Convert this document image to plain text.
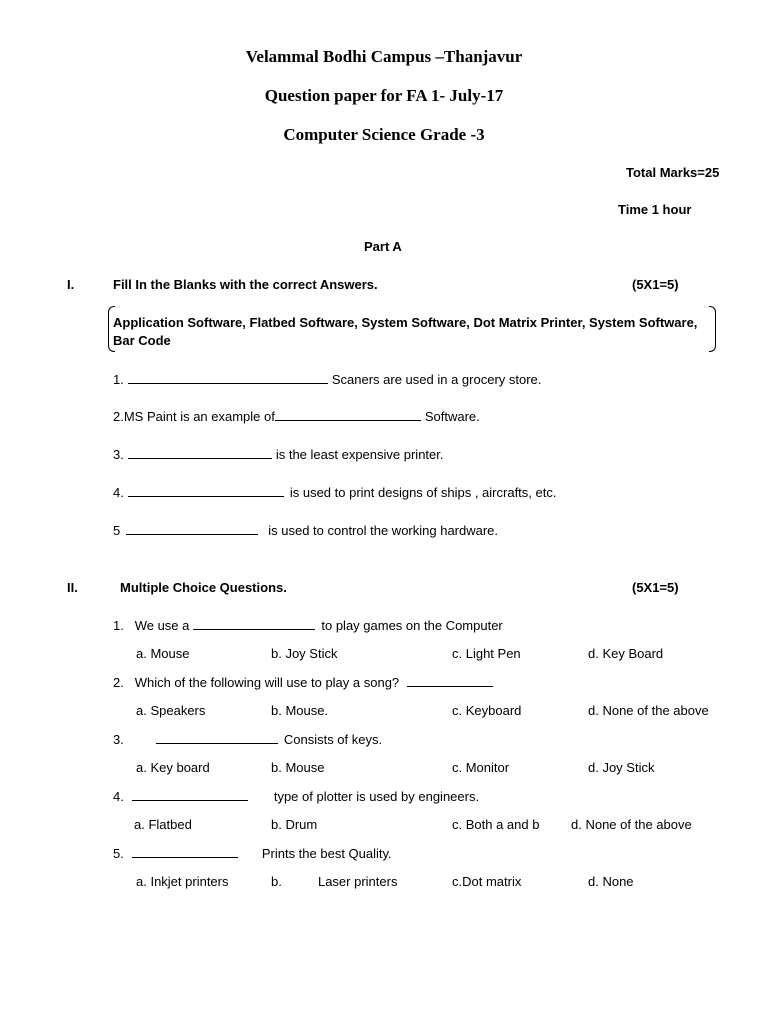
Velammal Bodhi Campus –Thanjavur
Question paper for FA 1- July-17
Computer Science Grade -3
Total Marks=25
Time 1 hour
Part A
I.	Fill In the Blanks with the correct Answers.	(5X1=5)
Application Software, Flatbed Software, System Software, Dot Matrix Printer, System Software, Bar Code
1.	Scaners are used in a grocery store.
2.MS Paint is an example of	Software.
3.	is the least expensive printer.
4.	is used to print designs of ships , aircrafts, etc.
5	is used to control the working hardware.
II.	Multiple Choice Questions.	(5X1=5)
1. We use a	to play games on the Computer
a. Mouse	b. Joy Stick	c. Light Pen	d. Key Board
2. Which of the following will use to play a song?
a. Speakers	b. Mouse.	c. Keyboard	d. None of the above
3.	Consists of keys.
a. Key board	b. Mouse	c. Monitor	d. Joy Stick
4.	type of plotter is used by engineers.
a. Flatbed	b. Drum	c. Both a and b d. None of the above
5.	Prints the best Quality.
a. Inkjet printers	b.          Laser printers	c.Dot matrix	d. None
